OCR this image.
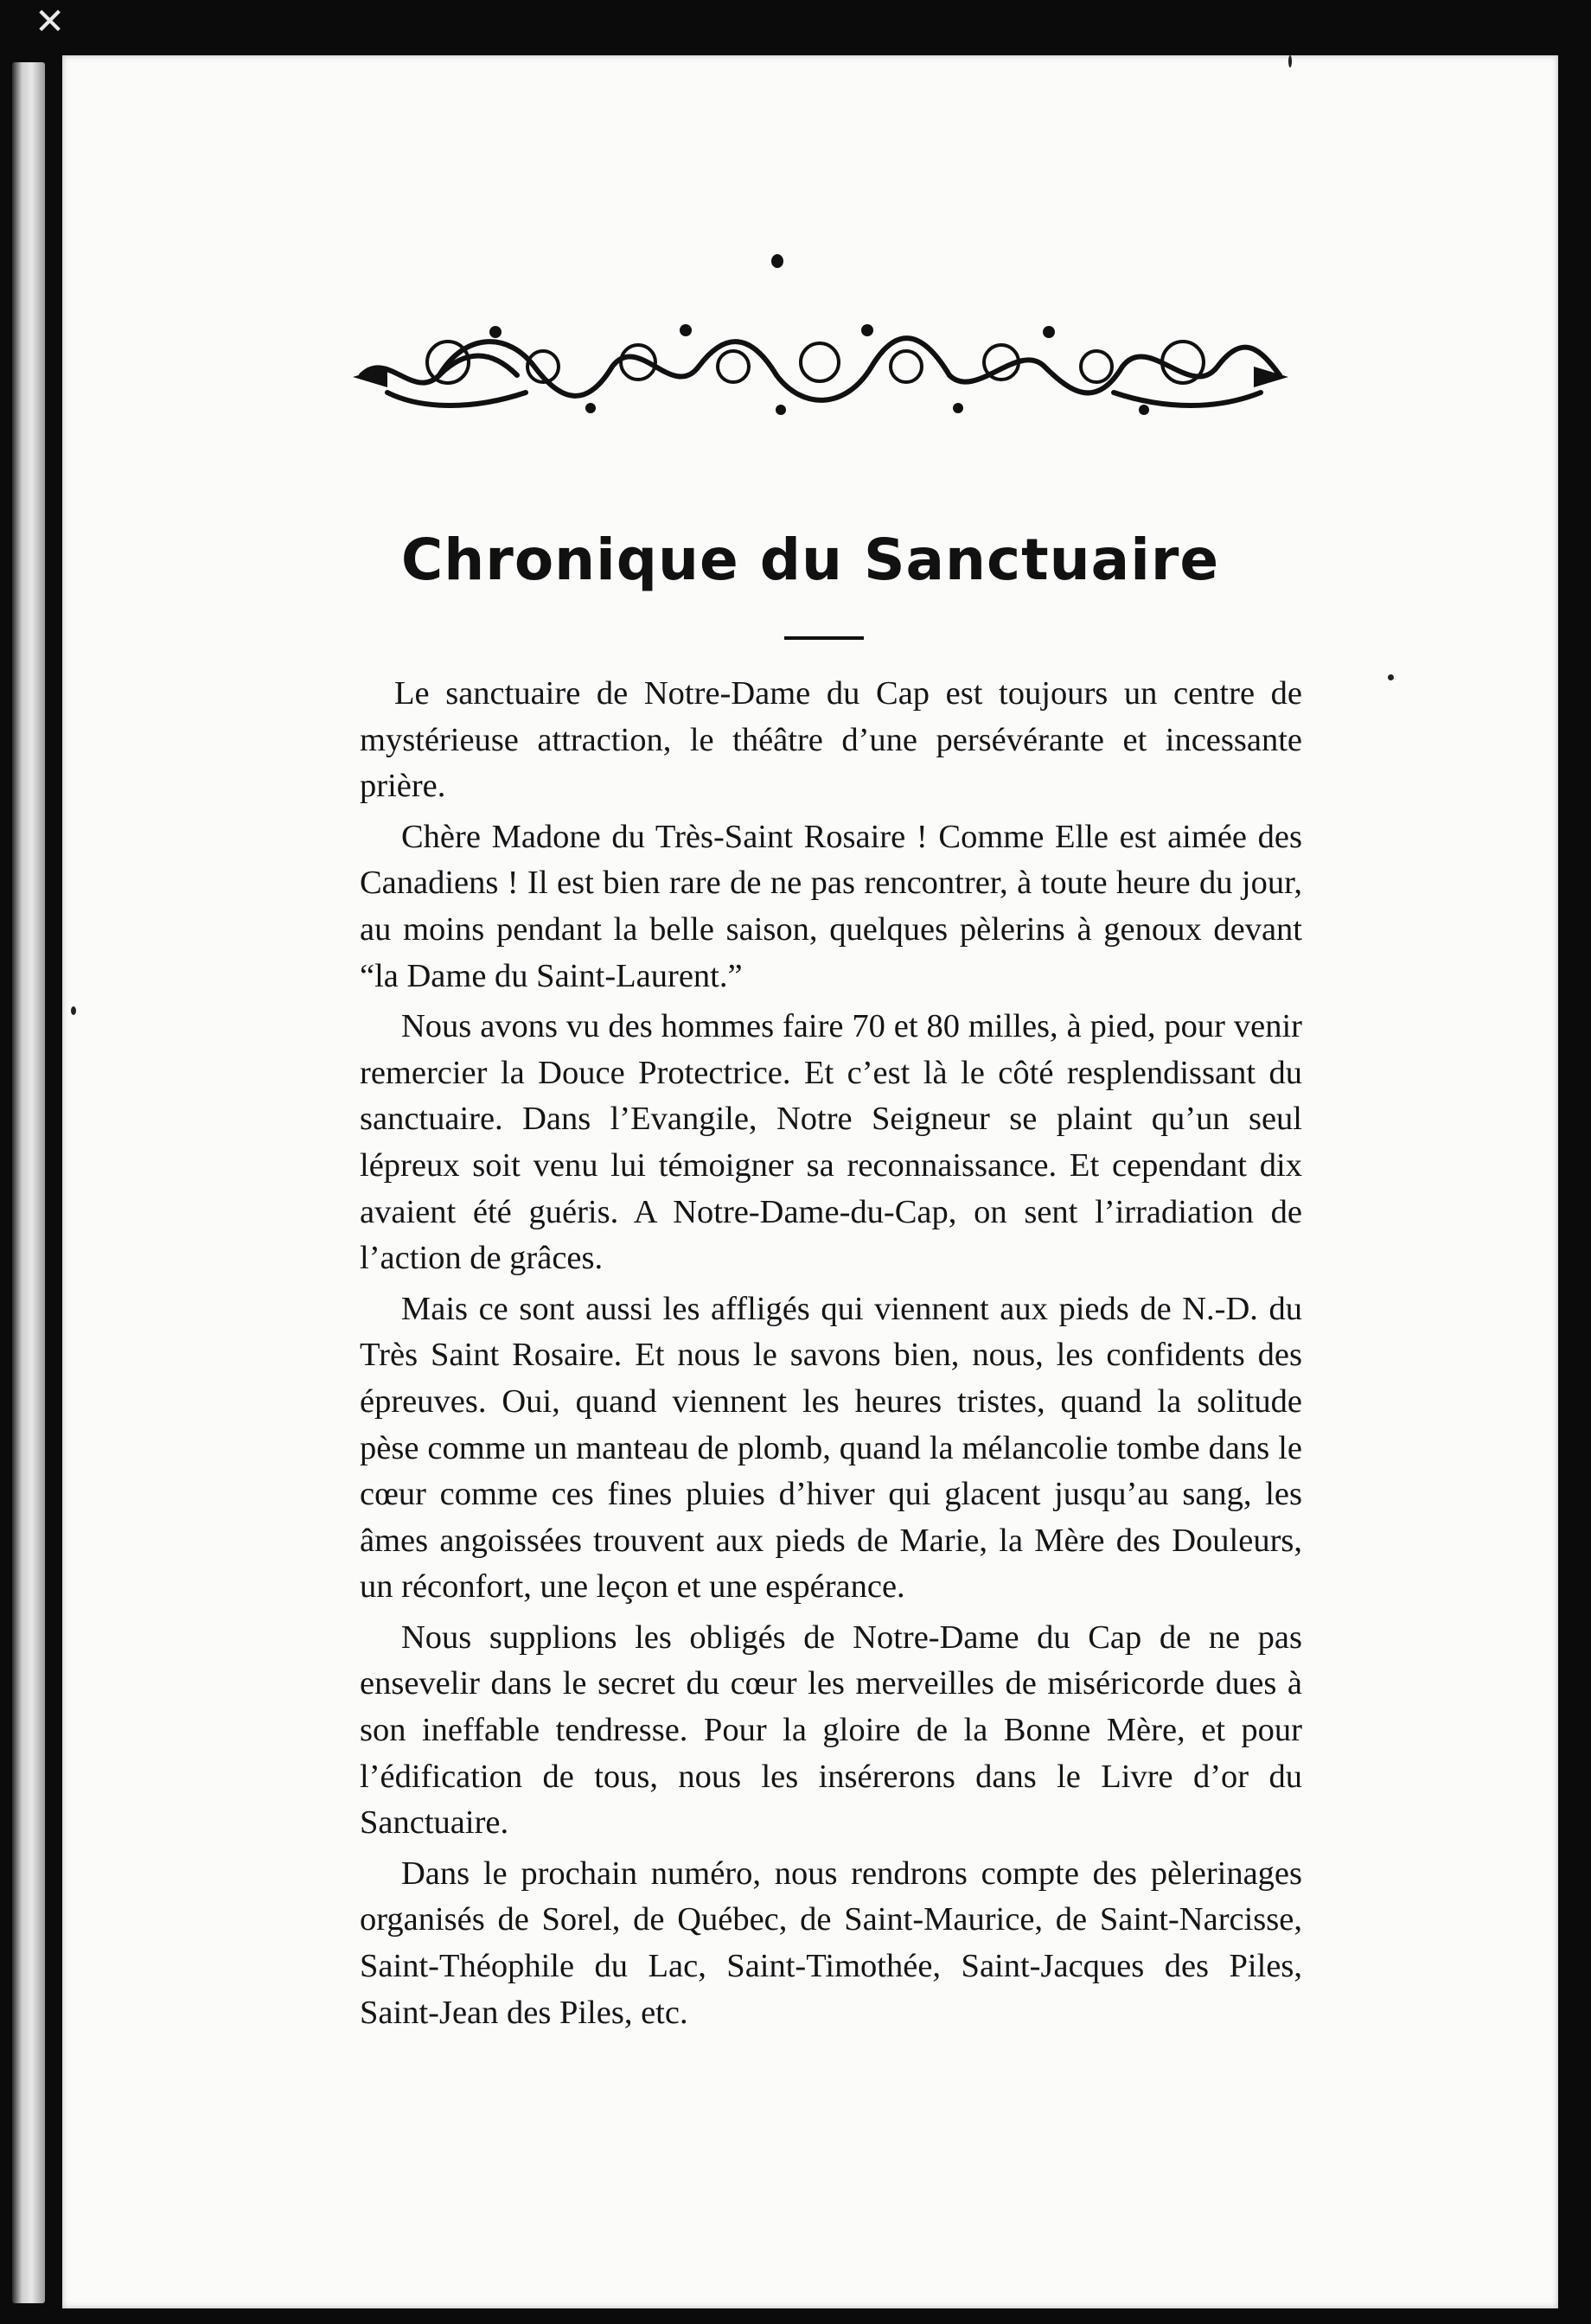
✕
Chronique du Sanctuaire

Le sanctuaire de Notre-Dame du Cap est toujours un centre de mystérieuse attraction, le théâtre d’une persévérante et incessante prière.

Chère Madone du Très-Saint Rosaire ! Comme Elle est aimée des Canadiens ! Il est bien rare de ne pas rencontrer, à toute heure du jour, au moins pendant la belle saison, quelques pèlerins à genoux devant “la Dame du Saint-Laurent.”

Nous avons vu des hommes faire 70 et 80 milles, à pied, pour venir remercier la Douce Protectrice. Et c’est là le côté resplendissant du sanctuaire. Dans l’Evangile, Notre Seigneur se plaint qu’un seul lépreux soit venu lui témoigner sa reconnaissance. Et cependant dix avaient été guéris. A Notre-Dame-du-Cap, on sent l’irradiation de l’action de grâces.

Mais ce sont aussi les affligés qui viennent aux pieds de N.-D. du Très Saint Rosaire. Et nous le savons bien, nous, les confidents des épreuves. Oui, quand viennent les heures tristes, quand la solitude pèse comme un manteau de plomb, quand la mélancolie tombe dans le cœur comme ces fines pluies d’hiver qui glacent jusqu’au sang, les âmes angoissées trouvent aux pieds de Marie, la Mère des Douleurs, un réconfort, une leçon et une espérance.

Nous supplions les obligés de Notre-Dame du Cap de ne pas ensevelir dans le secret du cœur les merveilles de miséricorde dues à son ineffable tendresse. Pour la gloire de la Bonne Mère, et pour l’édification de tous, nous les insérerons dans le Livre d’or du Sanctuaire.

Dans le prochain numéro, nous rendrons compte des pèlerinages organisés de Sorel, de Québec, de Saint-Maurice, de Saint-Narcisse, Saint-Théophile du Lac, Saint-Timothée, Saint-Jacques des Piles, Saint-Jean des Piles, etc.
